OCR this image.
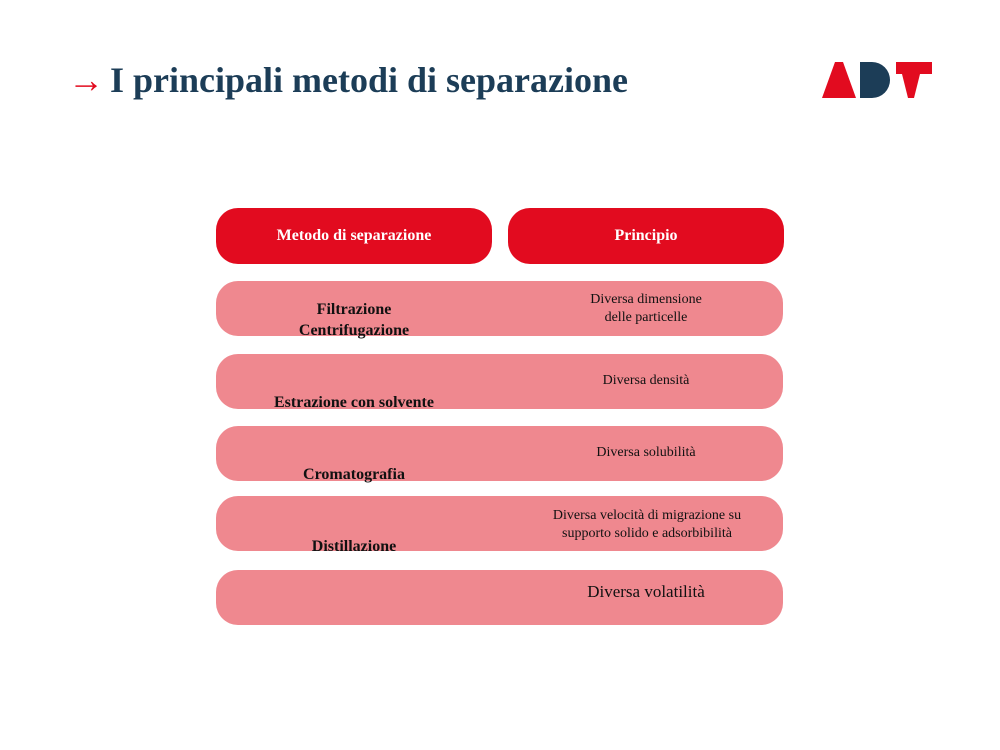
→ I principali metodi di separazione
Metodo di separazione	Principio
Filtrazione
Centrifugazione
Estrazione con solvente
Cromatografia
Distillazione
Diversa dimensione
delle particelle
Diversa densità
Diversa solubilità
Diversa velocità di migrazione su
supporto solido e adsorbibilità
Diversa volatilità
